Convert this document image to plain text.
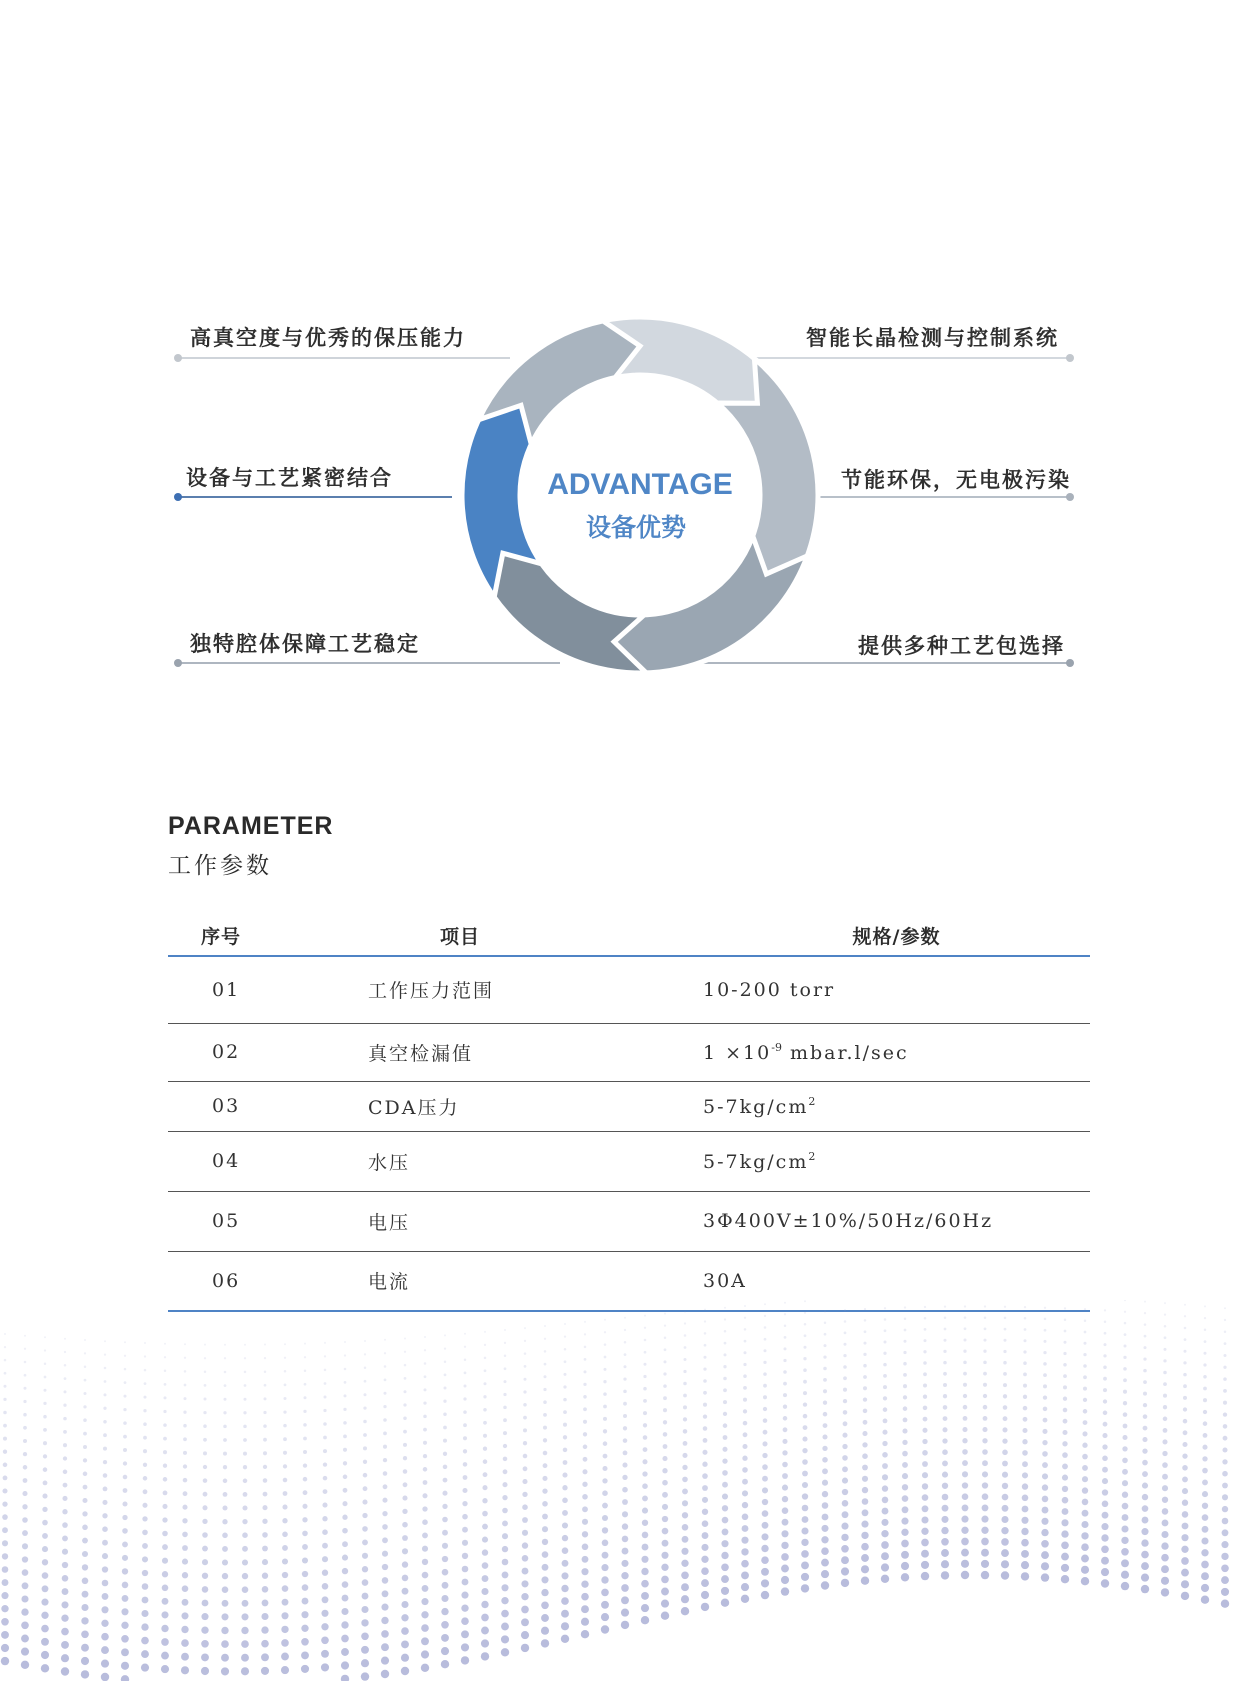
ADVANTAGE
设备优势
高真空度与优秀的保压能力
设备与工艺紧密结合
独特腔体保障工艺稳定
智能长晶检测与控制系统
节能环保，无电极污染
提供多种工艺包选择
PARAMETER
工作参数
序号	项目	规格/参数
01	工作压力范围	10-200 torr
02	真空检漏值	$1 \times 10^{-9}$ mbar.l/sec
03	CDA压力	$5-7kg/cm^2$
04	水压	$5-7kg/cm^2$
05	电压	3Φ400V±10%/50Hz/60Hz
06	电流	30A
